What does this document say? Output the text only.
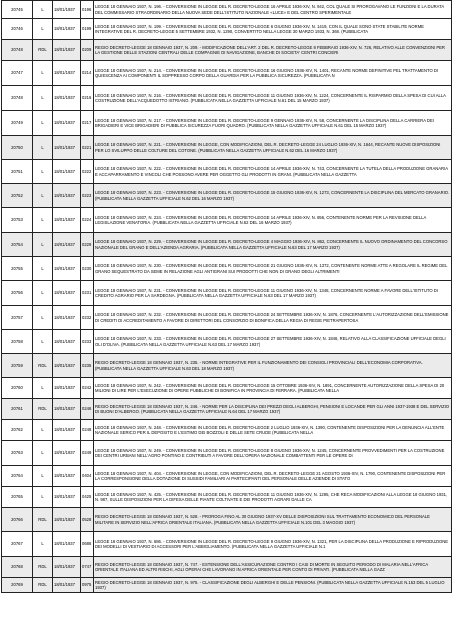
20745	L	18/01/1937	0196	LEGGE 18 GENNAIO 1937, N. 196. - CONVERSIONE IN LEGGE DEL R. DECRETO-LEGGE 16 APRILE 1936-XIV, N. 942, COL QUALE SI PROROGAVANO LE FUNZIONI E LA DURATA DEL COMMISSARIO STRAORDINARIO DELLA NUOVA SEDE DELL'ISTITUTO NAZIONALE «LUCE» E DEL CENTRO SPERIMENTALE
20746	L	18/01/1937	0199	LEGGE 18 GENNAIO 1937, N. 199. - CONVERSIONE IN LEGGE DEL R. DECRETO-LEGGE 6 GIUGNO 1936-XIV, N. 1419, CON IL QUALE SONO STATE STABILITE NORME INTEGRATIVE DEL R. DECRETO-LEGGE 5 SETTEMBRE 1932, N. 1290, CONVERTITO NELLA LEGGE 30 MARZO 1933, N. 368. (PUBBLICATA
20748	RDL	18/01/1937	0209	REGIO DECRETO-LEGGE 18 GENNAIO 1937, N. 209. - MODIFICAZIONE DELL'ART. 2 DEL R. DECRETO-LEGGE 8 FEBBRAIO 1936-XIV, N. 726, RELATIVO ALLE CONVENZIONI PER LA GESTIONE DELLE STAZIONI CENTRALI DELLE COMPAGNIE DI NAVIGAZIONE, BANCHE DI SOCIETA' CENTRI CONCIERI
20747	L	18/01/1937	0214	LEGGE 18 GENNAIO 1937, N. 214. - CONVERSIONE IN LEGGE DEL R. DECRETO-LEGGE 16 GIUGNO 1936-XIV, N. 1401, RECANTE NORME DEFINITIVE PEL TRATTAMENTO DI QUIESCENZA AI COMPONENTI IL SOPPRESSO CORPO DELLA GUARDIA PER LA PUBBLICA SICUREZZA. (PUBBLICATA N
20748	L	18/01/1937	0216	LEGGE 18 GENNAIO 1937, N. 216. - CONVERSIONE IN LEGGE DEL R. DECRETO-LEGGE 11 GIUGNO 1936-XIV, N. 1224, CONCERNENTE IL RISPARMIO DELLA SPESA DI CUI ALLA COSTRUZIONE DELL'ACQUEDOTTO ISTRIANO. (PUBBLICATA NELLA GAZZETTA UFFICIALE N.61 DEL 15 MARZO 1937)
20749	L	18/01/1937	0217	LEGGE 18 GENNAIO 1937, N. 217. - CONVERSIONE IN LEGGE DEL R. DECRETO-LEGGE 9 GENNAIO 1936-XIV, N. 58, CONCERNENTE LA DISCIPLINA DELLA CARRIERA DEI BRIGADIERI E VICE BRIGADIERI DI PUBBLICA SICUREZZA FUORI QUADRO. (PUBBLICATA NELLA GAZZETTA UFFICIALE N.61 DEL 15 MARZO 1937)
20750	L	18/01/1937	0221	LEGGE 18 GENNAIO 1937, N. 221. - CONVERSIONE IN LEGGE, CON MODIFICAZIONI, DEL R. DECRETO-LEGGE 24 LUGLIO 1936-XIV, N. 1644, RECANTE NUOVE DISPOSIZIONI PER LO SVILUPPO DELLE COLTURE DEL COTONE. (PUBBLICATA NELLA GAZZETTA UFFICIALE N.62 DEL 16 MARZO 1937)
20751	L	18/01/1937	0222	LEGGE 18 GENNAIO 1937, N. 222. - CONVERSIONE IN LEGGE DEL R. DECRETO-LEGGE 14 APRILE 1936-XIV, N. 743, CONCERNENTE LA TUTELA DELLA PRODUZIONE GRANARIA E ACCAPARRAMENTO E VINCOLI CHE POSSONO AVERE PER OGGETTO GLI PRODOTTI IN GRANI. (PUBBLICATA NELLA GAZZETTA
20752	L	18/01/1937	0223	LEGGE 18 GENNAIO 1937, N. 223. - CONVERSIONE IN LEGGE DEL R. DECRETO-LEGGE 15 GIUGNO 1936-XIV, N. 1273, CONCERNENTE LA DISCIPLINA DEL MERCATO GRANARIO. (PUBBLICATA NELLA GAZZETTA UFFICIALE N.62 DEL 16 MARZO 1937)
20753	L	18/01/1937	0224	LEGGE 18 GENNAIO 1937, N. 224. - CONVERSIONE IN LEGGE DEL R. DECRETO-LEGGE 14 APRILE 1936-XIV, N. 856, CONTENENTE NORME PER LA REVISIONE DELLA LEGISLAZIONE VENATORIA. (PUBBLICATA NELLA GAZZETTA UFFICIALE N.62 DEL 16 MARZO 1937)
20754	L	18/01/1937	0229	LEGGE 18 GENNAIO 1937, N. 229. - CONVERSIONE IN LEGGE DEL R. DECRETO-LEGGE 4 MAGGIO 1936-XIV, N. 862, CONCERNENTE IL NUOVO ORDINAMENTO DEL CONCORSO NAZIONALE DEL GRANO E DELL'AZIENDA AGRARIA. (PUBBLICATA NELLA GAZZETTA UFFICIALE N.63 DEL 17 MARZO 1937)
20755	L	18/01/1937	0230	LEGGE 18 GENNAIO 1937, N. 230. - CONVERSIONE IN LEGGE DEL R. DECRETO-LEGGE 21 GIUGNO 1936-XIV, N. 1372, CONTENENTE NORME ATTE A REGOLARE IL REGIME DEL GRANO SEQUESTRATO DA SEME IN RELAZIONE AGLI ANTIGRANI SUI PRODOTTI CHE NON DI GRANO DEGLI ALTRIMENTI
20756	L	18/01/1937	0231	LEGGE 18 GENNAIO 1937, N. 231. - CONVERSIONE IN LEGGE DEL R. DECRETO-LEGGE 11 GIUGNO 1936-XIV, N. 1348, CONCERNENTE NORME A FAVORE DELL'ISTITUTO DI CREDITO AGRARIO PER LA SARDEGNA. (PUBBLICATA NELLA GAZZETTA UFFICIALE N.63 DEL 17 MARZO 1937)
20757	L	18/01/1937	0232	LEGGE 18 GENNAIO 1937, N. 232. - CONVERSIONE IN LEGGE DEL R. DECRETO-LEGGE 24 SETTEMBRE 1936-XIV, N. 1876, CONCERNENTE L'AUTORIZZAZIONE DELL'EMISSIONE DI CREDITI DI ACCREDITAMENTO A FAVORE DI DIRETTORI DEL CONSORZIO DI BONIFICA DELLA REGIA DI REGIE PIETRAPERTOSA
20758	L	18/01/1937	0233	LEGGE 18 GENNAIO 1937, N. 233. - CONVERSIONE IN LEGGE DEL R. DECRETO-LEGGE 27 SETTEMBRE 1936-XIV, N. 1846, RELATIVO ALLA CLASSIFICAZIONE UFFICIALE DEGLI OLI D'OLIVA. (PUBBLICATA NELLA GAZZETTA UFFICIALE N.63 DEL 17 MARZO 1937)
20759	RDL	18/01/1937	0235	REGIO DECRETO-LEGGE 18 GENNAIO 1937, N. 235. - NORME INTEGRATIVE PER IL FUNZIONAMENTO DEI CONSIGLI PROVINCIALI DELL'ECONOMIA CORPORATIVA. (PUBBLICATA NELLA GAZZETTA UFFICIALE N.63 DEL 18 MARZO 1937)
20760	L	18/01/1937	0242	LEGGE 18 GENNAIO 1937, N. 242. - CONVERSIONE IN LEGGE DEL R. DECRETO-LEGGE 15 OTTOBRE 1936-XIV, N. 1891, CONCERNENTE AUTORIZZAZIONE DELLA SPESA DI 20 MILIONI DI LIRE PER L'ESECUZIONE DI OPERE PUBBLICHE DI BONIFICA IN PROVINCIA DI FERRARA. (PUBBLICATA NELLA
20761	RDL	18/01/1937	0246	REGIO DECRETO-LEGGE 18 GENNAIO 1937, N. 246. - NORME PER LA DISCIPLINA DEI PREZZI DEGLI ALBERGHI, PENSIONI E LOCANDE PER GLI ANNI 1937-1938 E DEL SERVIZIO DI BUONI D'ALBERGO. (PUBBLICATA NELLA GAZZETTA UFFICIALE N.64 DEL 17 MARZO 1937)
20762	L	18/01/1937	0248	LEGGE 18 GENNAIO 1937, N. 248. - CONVERSIONE IN LEGGE DEL R. DECRETO-LEGGE 2 LUGLIO 1936-XIV, N. 1390, CONTENENTE DISPOSIZIONI PER LA DENUNCIA ALL'ENTE NAZIONALE SERICO PER IL DEPOSITO E L'ESTIMO DEI BOZZOLI E DELLE SETE CRUDE (PUBBLICATA NELLA
20763	L	18/01/1937	0249	LEGGE 18 GENNAIO 1937, N. 249. - CONVERSIONE IN LEGGE DEL R. DECRETO-LEGGE 8 GIUGNO 1936-XIV, N. 1245, CONCERNENTE PROVVEDIMENTI PER LA COSTRUZIONE DEI CENTRI URBANI NELL'AGRO PONTINO E CONTRIBUTI A FAVORE DELL'OPERA NAZIONALE COMBATTENTI PER LE OPERE DI
20764	L	18/01/1937	0404	LEGGE 18 GENNAIO 1937, N. 404. - CONVERSIONE IN LEGGE, CON MODIFICAZIONI, DEL R. DECRETO-LEGGE 21 AGOSTO 1936-XIV, N. 1790, CONTENENTE DISPOSIZIONI PER LA CORRESPONSIONE DELLA DOTAZIONE DI SUSSIDI FAMILIARI AI PARTECIPANTI DEL PERSONALE DELLE AZIENDE DI STATO
20765	L	18/01/1937	0425	LEGGE 18 GENNAIO 1937, N. 425. - CONVERSIONE IN LEGGE DEL R. DECRETO-LEGGE 11 GIUGNO 1936-XIV, N. 1295, CHE RECA MODIFICAZIONI ALLA LEGGE 18 GIUGNO 1931, N. 987, SULLE DISPOSIZIONI PER LA DIFESA DELLE PIANTE COLTIVATE E DEI PRODOTTI AGRARI DALLE CA
20766	RDL	18/01/1937	0528	REGIO DECRETO-LEGGE 18 GENNAIO 1937, N. 528. - PROROGA FINO AL 30 GIUGNO 1937-XV DELLE DISPOSIZIONI SUL TRATTAMENTO ECONOMICO DEL PERSONALE MILITARE IN SERVIZIO NELL'AFRICA ORIENTALE ITALIANA. (PUBBLICATA NELLA GAZZETTA UFFICIALE N.101 DEL 3 MAGGIO 1937)
20767	L	18/01/1937	0686	LEGGE 18 GENNAIO 1937, N. 686. - CONVERSIONE IN LEGGE DEL R. DECRETO-LEGGE 9 GIUGNO 1936-XIV, N. 1321, PER LA DISCIPLINA DELLA PRODUZIONE E RIPRODUZIONE DEI MODELLI DI VESTIARIO DI ACCESSORI PER L'ABBIGLIAMENTO. (PUBBLICATA NELLA GAZZETTA UFFICIALE N.1
20768	RDL	18/01/1937	0747	REGIO DECRETO-LEGGE 18 GENNAIO 1937, N. 747. - ESTENSIONE DELL'ASSICURAZIONE CONTRO I CASI DI MORTE IN SEGUITO PERIODO DI MALARIA NELL'AFRICA ORIENTALE ITALIANA ED ALTRI RISCHI, AGLI OPERAI CHE LAVORANO IN AFRICA ORIENTALE PER CONTO DI PRIVATI. (PUBBLICATA NELLA GAZZ
20769	RDL	18/01/1937	0975	REGIO DECRETO-LEGGE 18 GENNAIO 1937, N. 975. - CLASSIFICAZIONE DEGLI ALBERGHI E DELLE PENSIONI. (PUBBLICATA NELLA GAZZETTA UFFICIALE N.153 DEL 5 LUGLIO 1937)
